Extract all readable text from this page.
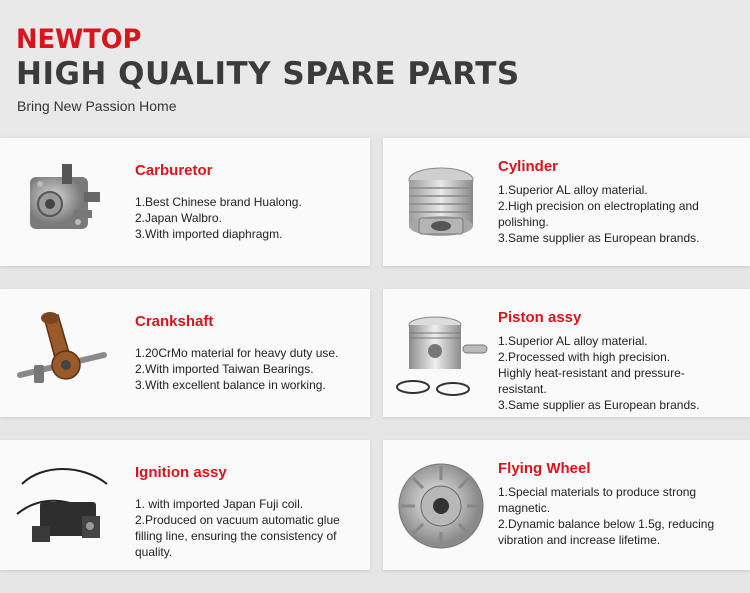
NEWTOP
HIGH QUALITY SPARE PARTS
Bring New Passion Home
Carburetor

1.Best Chinese brand Hualong.

2.Japan Walbro.

3.With imported diaphragm.

Cylinder

1.Superior AL alloy material.

2.High precision on electroplating and polishing.

3.Same supplier as European brands.

Crankshaft

1.20CrMo material for heavy duty use.

2.With imported Taiwan Bearings.

3.With excellent balance in working.

Piston assy

1.Superior AL alloy material.

2.Processed with high precision.

Highly heat-resistant and pressure-resistant.

3.Same supplier as European brands.

Ignition assy

1. with imported Japan Fuji coil.

2.Produced on vacuum automatic glue filling line, ensuring the consistency of quality.

Flying Wheel

1.Special materials to produce strong magnetic.

2.Dynamic balance below 1.5g, reducing vibration and increase lifetime.
